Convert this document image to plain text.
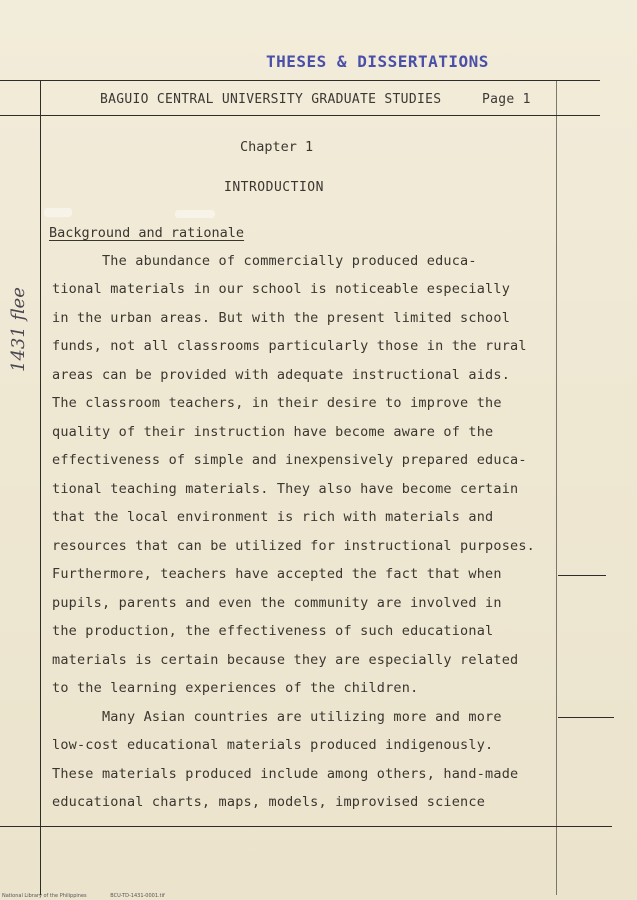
THESES & DISSERTATIONS
BAGUIO CENTRAL UNIVERSITY GRADUATE STUDIES	Page 1
Chapter 1
INTRODUCTION
Background and rationale
The abundance of commercially produced educa-
tional materials in our school is noticeable especially
in the urban areas. But with the present limited school
funds, not all classrooms particularly those in the rural
areas can be provided with adequate instructional aids.
The classroom teachers, in their desire to improve the
quality of their instruction have become aware of the
effectiveness of simple and inexpensively prepared educa-
tional teaching materials. They also have become certain
that the local environment is rich with materials and
resources that can be utilized for instructional purposes.
Furthermore, teachers have accepted the fact that when
pupils, parents and even the community are involved in
the production, the effectiveness of such educational
materials is certain because they are especially related
to the learning experiences of the children.
Many Asian countries are utilizing more and more
low-cost educational materials produced indigenously.
These materials produced include among others, hand-made
educational charts, maps, models, improvised science
1431 flee
National Library of the Philippines	BCU-TD-1431-0001.tif
